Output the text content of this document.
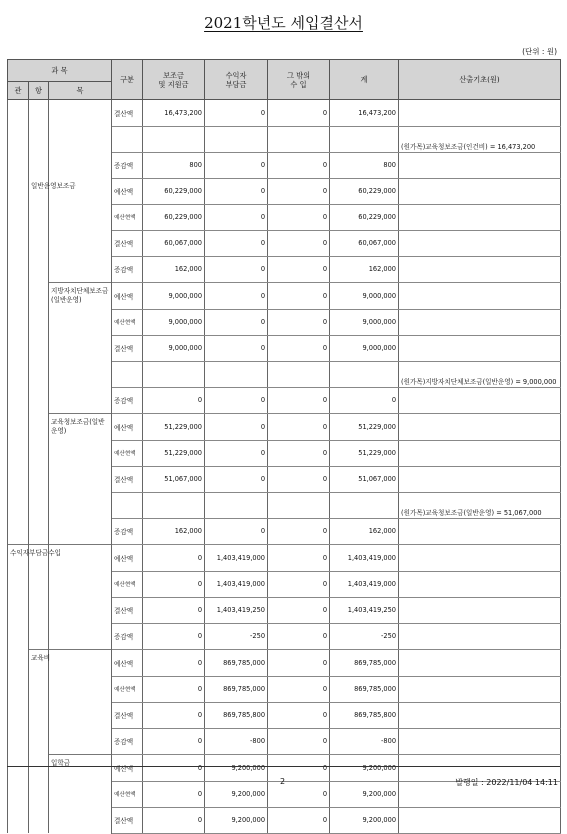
2021학년도 세입결산서
(단위 : 원)
과 목			구분	보조금
및 지원금	수익자
부담금	그 밖의
수 입	계	산출기초(원)
관	항	목						
			결산액	16,473,200	0	0	16,473,200	
								(원가목)교육청보조금(인건비) = 16,473,200
			증감액	800	0	0	800	
	일반운영보조금		예산액	60,229,000	0	0	60,229,000	
			예산현액	60,229,000	0	0	60,229,000	
			결산액	60,067,000	0	0	60,067,000	
			증감액	162,000	0	0	162,000	
		지방자치단체보조금(일반운영)	예산액	9,000,000	0	0	9,000,000	
			예산현액	9,000,000	0	0	9,000,000	
			결산액	9,000,000	0	0	9,000,000	
								(원가목)지방자치단체보조금(일반운영) = 9,000,000
			증감액	0	0	0	0	
		교육청보조금(일반운영)	예산액	51,229,000	0	0	51,229,000	
			예산현액	51,229,000	0	0	51,229,000	
			결산액	51,067,000	0	0	51,067,000	
								(원가목)교육청보조금(일반운영) = 51,067,000
			증감액	162,000	0	0	162,000	
수익자부담금수입			예산액	0	1,403,419,000	0	1,403,419,000	
			예산현액	0	1,403,419,000	0	1,403,419,000	
			결산액	0	1,403,419,250	0	1,403,419,250	
			증감액	0	-250	0	-250	
	교육비		예산액	0	869,785,000	0	869,785,000	
			예산현액	0	869,785,000	0	869,785,000	
			결산액	0	869,785,800	0	869,785,800	
			증감액	0	-800	0	-800	
		입학금	예산액	0	9,200,000	0	9,200,000	
			예산현액	0	9,200,000	0	9,200,000	
			결산액	0	9,200,000	0	9,200,000	
2	발행일 : 2022/11/04 14:11
